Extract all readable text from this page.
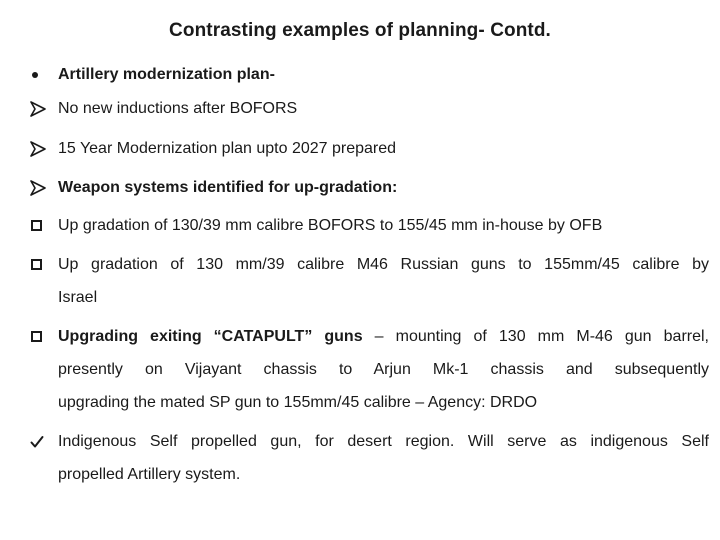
Contrasting examples of planning- Contd.
Artillery modernization plan-
No new inductions after BOFORS
15 Year Modernization plan upto 2027 prepared
Weapon systems identified for up-gradation:
Up gradation of 130/39 mm calibre BOFORS to 155/45 mm in-house by OFB
Up gradation of 130 mm/39 calibre M46 Russian guns to 155mm/45 calibre by
Israel
Upgrading exiting “CATAPULT” guns – mounting of 130 mm M-46 gun barrel,
presently on Vijayant chassis to Arjun Mk-1 chassis and subsequently
upgrading the mated SP gun to 155mm/45 calibre – Agency: DRDO
Indigenous Self propelled gun, for desert region. Will serve as indigenous Self
propelled Artillery system.
